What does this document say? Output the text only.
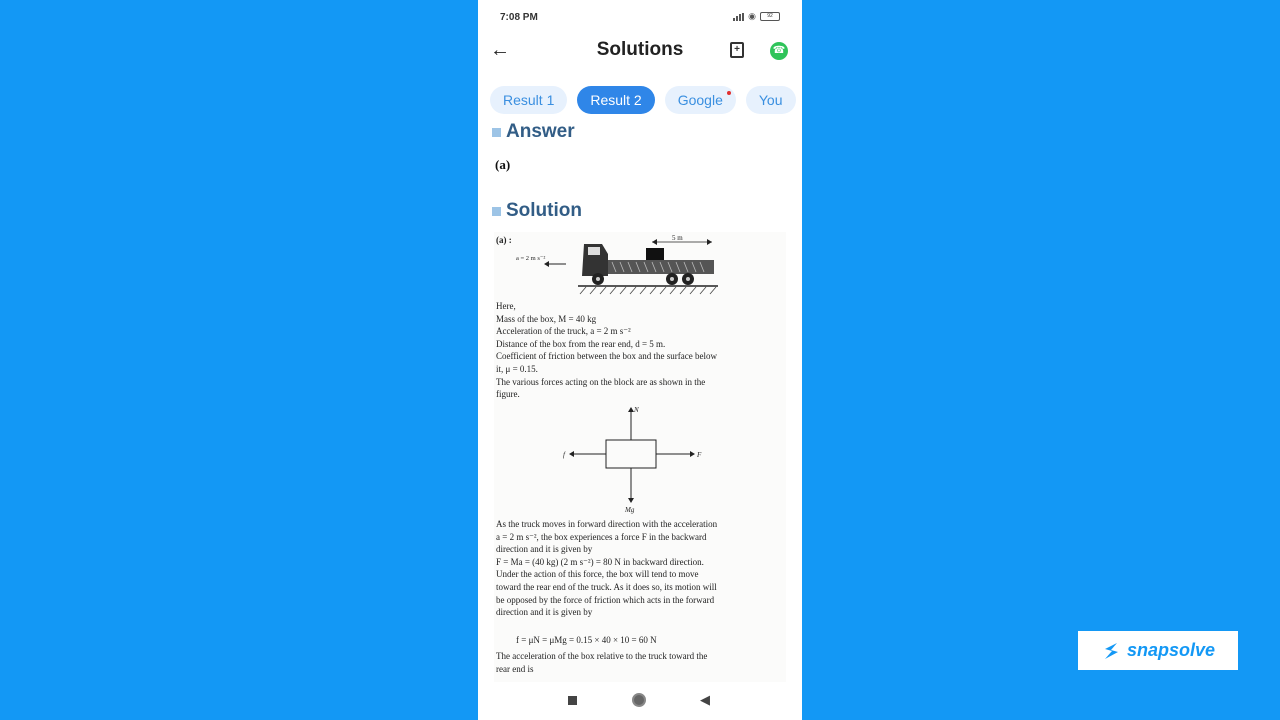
7:08 PM	◉	92
←	Solutions	+	☎
Result 1	Result 2	Google	You
Answer
(a)
Solution
(a) :	5 m
a = 2 m s⁻²
Here,
Mass of the box, M = 40 kg
Acceleration of the truck, a = 2 m s⁻²
Distance of the box from the rear end, d = 5 m.
Coefficient of friction between the box and the surface below
it, μ = 0.15.
The various forces acting on the block are as shown in the
figure.
N
Mg
f	F
As the truck moves in forward direction with the acceleration
a = 2 m s⁻², the box experiences a force F in the backward
direction and it is given by
F = Ma = (40 kg) (2 m s⁻²) = 80 N in backward direction.
Under the action of this force, the box will tend to move
toward the rear end of the truck. As it does so, its motion will
be opposed by the force of friction which acts in the forward
direction and it is given by
f = μN = μMg = 0.15 × 40 × 10 = 60 N
The acceleration of the box relative to the truck toward the
rear end is
◀
snapsolve
